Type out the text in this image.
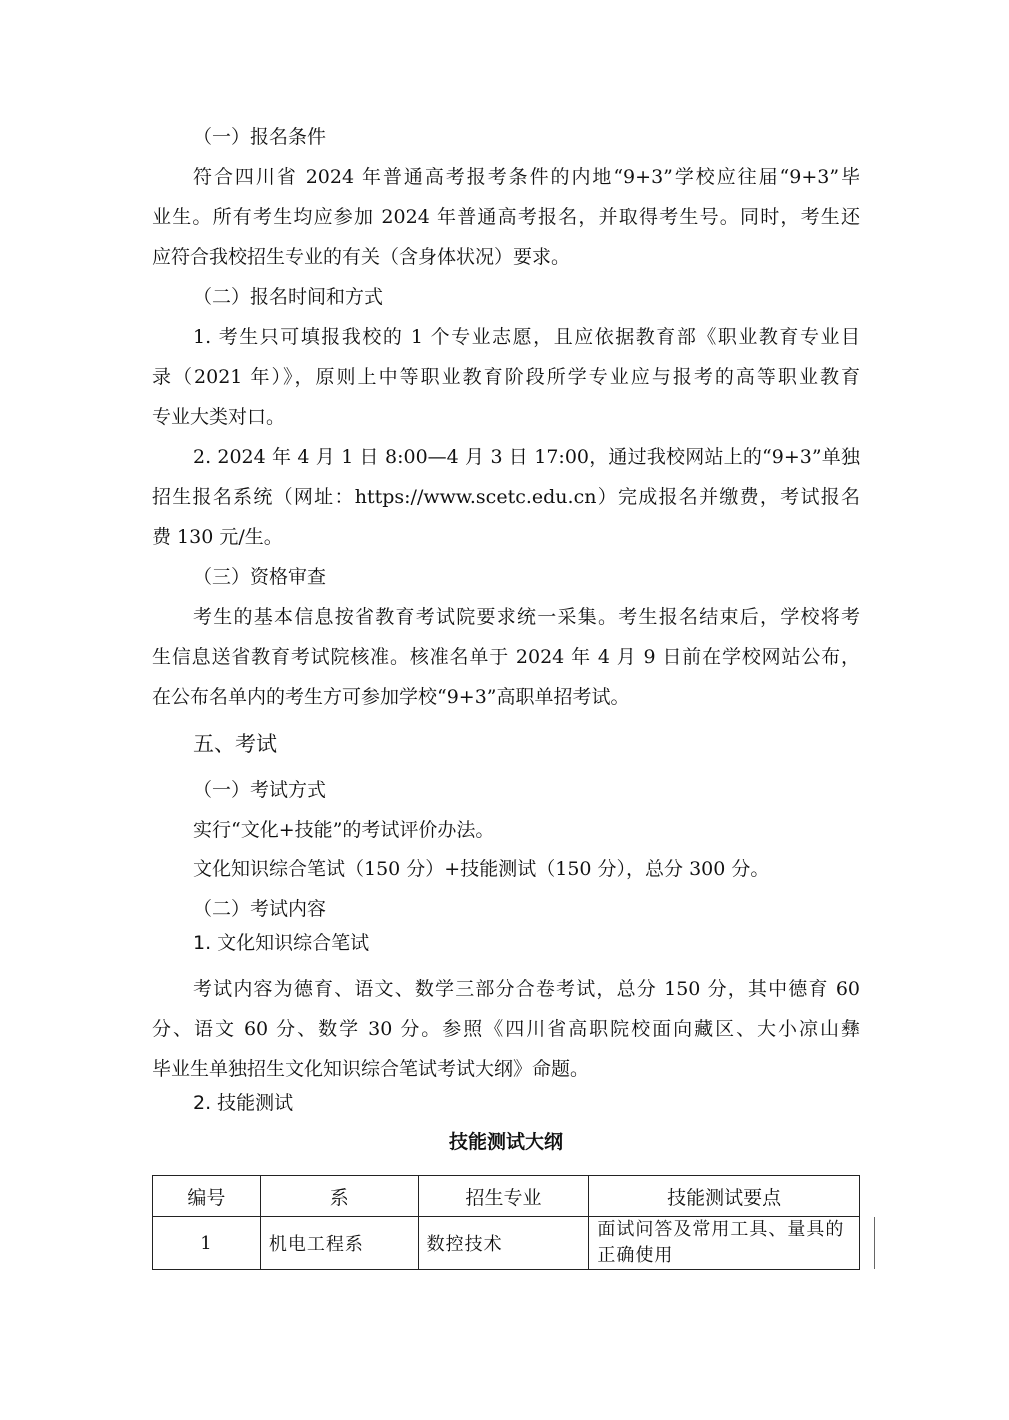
（一）报名条件
符合四川省 2024 年普通高考报考条件的内地“9+3”学校应往届“9+3”毕
业生。所有考生均应参加 2024 年普通高考报名，并取得考生号。同时，考生还
应符合我校招生专业的有关（含身体状况）要求。
（二）报名时间和方式
1. 考生只可填报我校的 1 个专业志愿，且应依据教育部《职业教育专业目
录（2021 年）》，原则上中等职业教育阶段所学专业应与报考的高等职业教育
专业大类对口。
2. 2024 年 4 月 1 日 8:00—4 月 3 日 17:00，通过我校网站上的“9+3”单独
招生报名系统（网址：https://www.scetc.edu.cn）完成报名并缴费，考试报名
费 130 元/生。
（三）资格审查
考生的基本信息按省教育考试院要求统一采集。考生报名结束后，学校将考
生信息送省教育考试院核准。核准名单于 2024 年 4 月 9 日前在学校网站公布，
在公布名单内的考生方可参加学校“9+3”高职单招考试。
五、考试
（一）考试方式
实行“文化+技能”的考试评价办法。
文化知识综合笔试（150 分）+技能测试（150 分），总分 300 分。
（二）考试内容
1. 文化知识综合笔试
考试内容为德育、语文、数学三部分合卷考试，总分 150 分，其中德育 60
分、语文 60 分、数学 30 分。参照《四川省高职院校面向藏区、大小凉山彝
毕业生单独招生文化知识综合笔试考试大纲》命题。
2. 技能测试
技能测试大纲
编号	系	招生专业	技能测试要点
1	机电工程系	数控技术	面试问答及常用工具、量具的正确使用
